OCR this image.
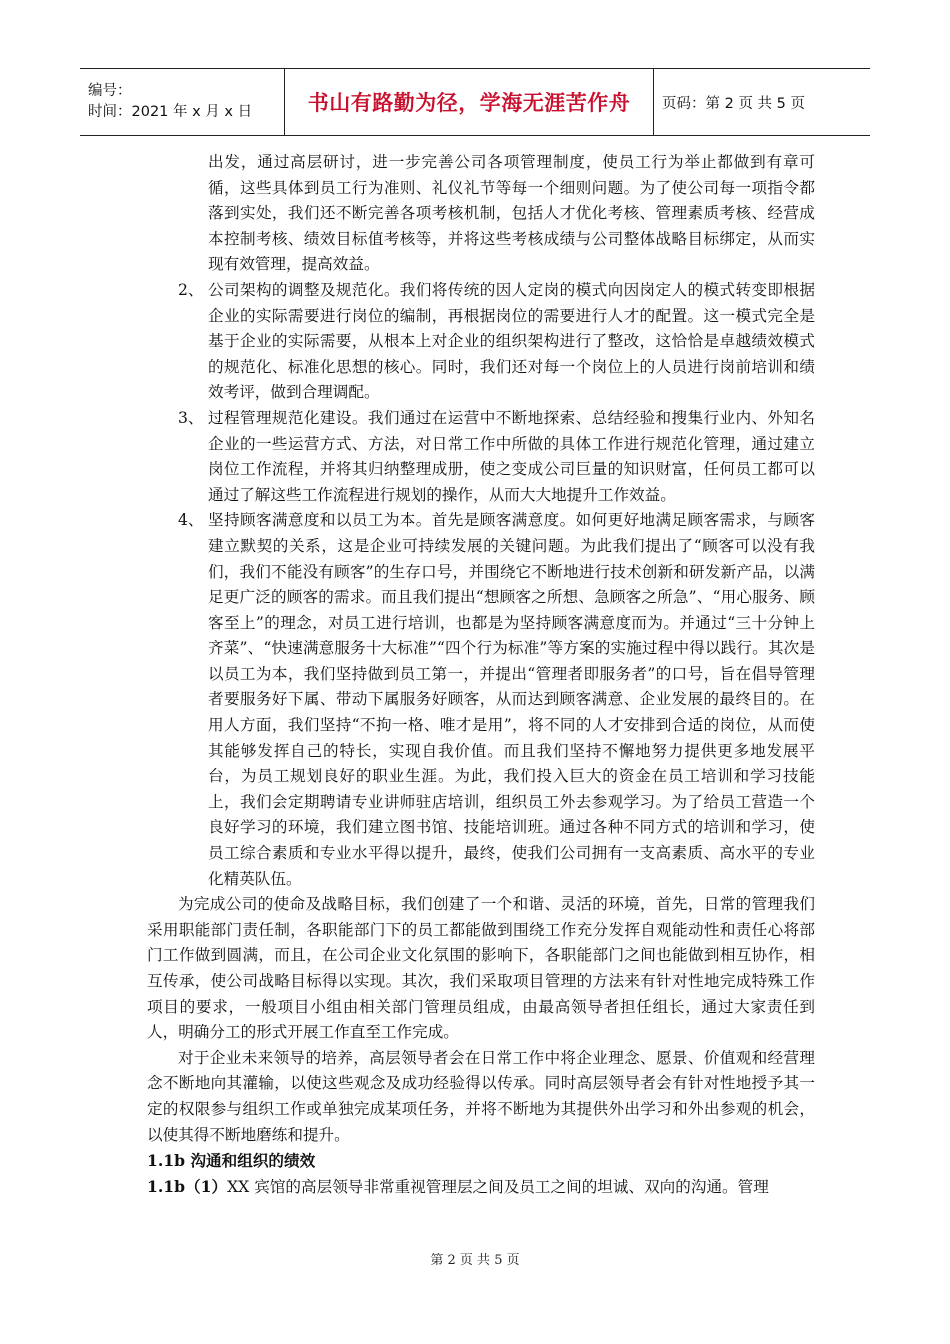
编号：
时间：2021 年 x 月 x 日	书山有路勤为径，学海无涯苦作舟 页码：第 2 页 共 5 页

出发，通过高层研讨，进一步完善公司各项管理制度，使员工行为举止都做到有章可循，这些具体到员工行为准则、礼仪礼节等每一个细则问题。为了使公司每一项指令都落到实处，我们还不断完善各项考核机制，包括人才优化考核、管理素质考核、经营成本控制考核、绩效目标值考核等，并将这些考核成绩与公司整体战略目标绑定，从而实现有效管理，提高效益。

2、 公司架构的调整及规范化。我们将传统的因人定岗的模式向因岗定人的模式转变即根据企业的实际需要进行岗位的编制，再根据岗位的需要进行人才的配置。这一模式完全是基于企业的实际需要，从根本上对企业的组织架构进行了整改，这恰恰是卓越绩效模式的规范化、标准化思想的核心。同时，我们还对每一个岗位上的人员进行岗前培训和绩效考评，做到合理调配。

3、 过程管理规范化建设。我们通过在运营中不断地探索、总结经验和搜集行业内、外知名企业的一些运营方式、方法，对日常工作中所做的具体工作进行规范化管理，通过建立岗位工作流程，并将其归纳整理成册，使之变成公司巨量的知识财富，任何员工都可以通过了解这些工作流程进行规划的操作，从而大大地提升工作效益。

4、 坚持顾客满意度和以员工为本。首先是顾客满意度。如何更好地满足顾客需求，与顾客建立默契的关系，这是企业可持续发展的关键问题。为此我们提出了“顾客可以没有我们，我们不能没有顾客”的生存口号，并围绕它不断地进行技术创新和研发新产品，以满足更广泛的顾客的需求。而且我们提出“想顾客之所想、急顾客之所急”、“用心服务、顾客至上”的理念，对员工进行培训，也都是为坚持顾客满意度而为。并通过“三十分钟上齐菜”、“快速满意服务十大标准”“四个行为标准”等方案的实施过程中得以践行。其次是以员工为本，我们坚持做到员工第一，并提出“管理者即服务者”的口号，旨在倡导管理者要服务好下属、带动下属服务好顾客，从而达到顾客满意、企业发展的最终目的。在用人方面，我们坚持“不拘一格、唯才是用”，将不同的人才安排到合适的岗位，从而使其能够发挥自己的特长，实现自我价值。而且我们坚持不懈地努力提供更多地发展平台，为员工规划良好的职业生涯。为此，我们投入巨大的资金在员工培训和学习技能上，我们会定期聘请专业讲师驻店培训，组织员工外去参观学习。为了给员工营造一个良好学习的环境，我们建立图书馆、技能培训班。通过各种不同方式的培训和学习，使员工综合素质和专业水平得以提升，最终，使我们公司拥有一支高素质、高水平的专业化精英队伍。

为完成公司的使命及战略目标，我们创建了一个和谐、灵活的环境，首先，日常的管理我们采用职能部门责任制，各职能部门下的员工都能做到围绕工作充分发挥自观能动性和责任心将部门工作做到圆满，而且，在公司企业文化氛围的影响下，各职能部门之间也能做到相互协作，相互传承，使公司战略目标得以实现。其次，我们采取项目管理的方法来有针对性地完成特殊工作项目的要求，一般项目小组由相关部门管理员组成，由最高领导者担任组长，通过大家责任到人，明确分工的形式开展工作直至工作完成。

对于企业未来领导的培养，高层领导者会在日常工作中将企业理念、愿景、价值观和经营理念不断地向其灌输，以使这些观念及成功经验得以传承。同时高层领导者会有针对性地授予其一定的权限参与组织工作或单独完成某项任务，并将不断地为其提供外出学习和外出参观的机会，以使其得不断地磨练和提升。

1.1b 沟通和组织的绩效

1.1b（1）XX 宾馆的高层领导非常重视管理层之间及员工之间的坦诚、双向的沟通。管理

第 2 页 共 5 页
